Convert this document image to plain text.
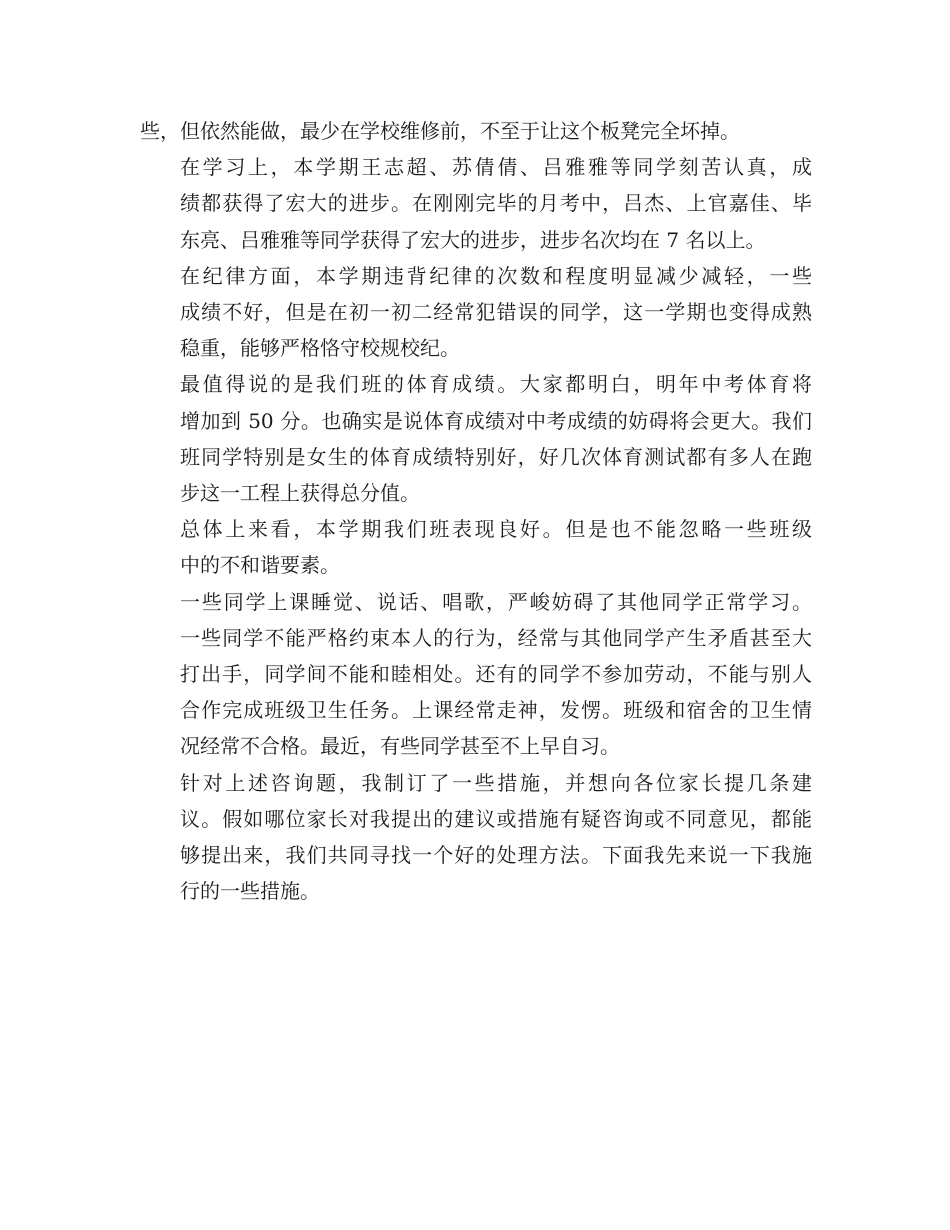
些，但依然能做，最少在学校维修前，不至于让这个板凳完全坏掉。

在学习上，本学期王志超、苏倩倩、吕雅雅等同学刻苦认真，成
绩都获得了宏大的进步。在刚刚完毕的月考中，吕杰、上官嘉佳、毕
东亮、吕雅雅等同学获得了宏大的进步，进步名次均在 7 名以上。

在纪律方面，本学期违背纪律的次数和程度明显减少减轻，一些
成绩不好，但是在初一初二经常犯错误的同学，这一学期也变得成熟
稳重，能够严格恪守校规校纪。

最值得说的是我们班的体育成绩。大家都明白，明年中考体育将
增加到 50 分。也确实是说体育成绩对中考成绩的妨碍将会更大。我们
班同学特别是女生的体育成绩特别好，好几次体育测试都有多人在跑
步这一工程上获得总分值。

总体上来看，本学期我们班表现良好。但是也不能忽略一些班级
中的不和谐要素。

一些同学上课睡觉、说话、唱歌，严峻妨碍了其他同学正常学习。
一些同学不能严格约束本人的行为，经常与其他同学产生矛盾甚至大
打出手，同学间不能和睦相处。还有的同学不参加劳动，不能与别人
合作完成班级卫生任务。上课经常走神，发愣。班级和宿舍的卫生情
况经常不合格。最近，有些同学甚至不上早自习。

针对上述咨询题，我制订了一些措施，并想向各位家长提几条建
议。假如哪位家长对我提出的建议或措施有疑咨询或不同意见，都能
够提出来，我们共同寻找一个好的处理方法。下面我先来说一下我施
行的一些措施。
